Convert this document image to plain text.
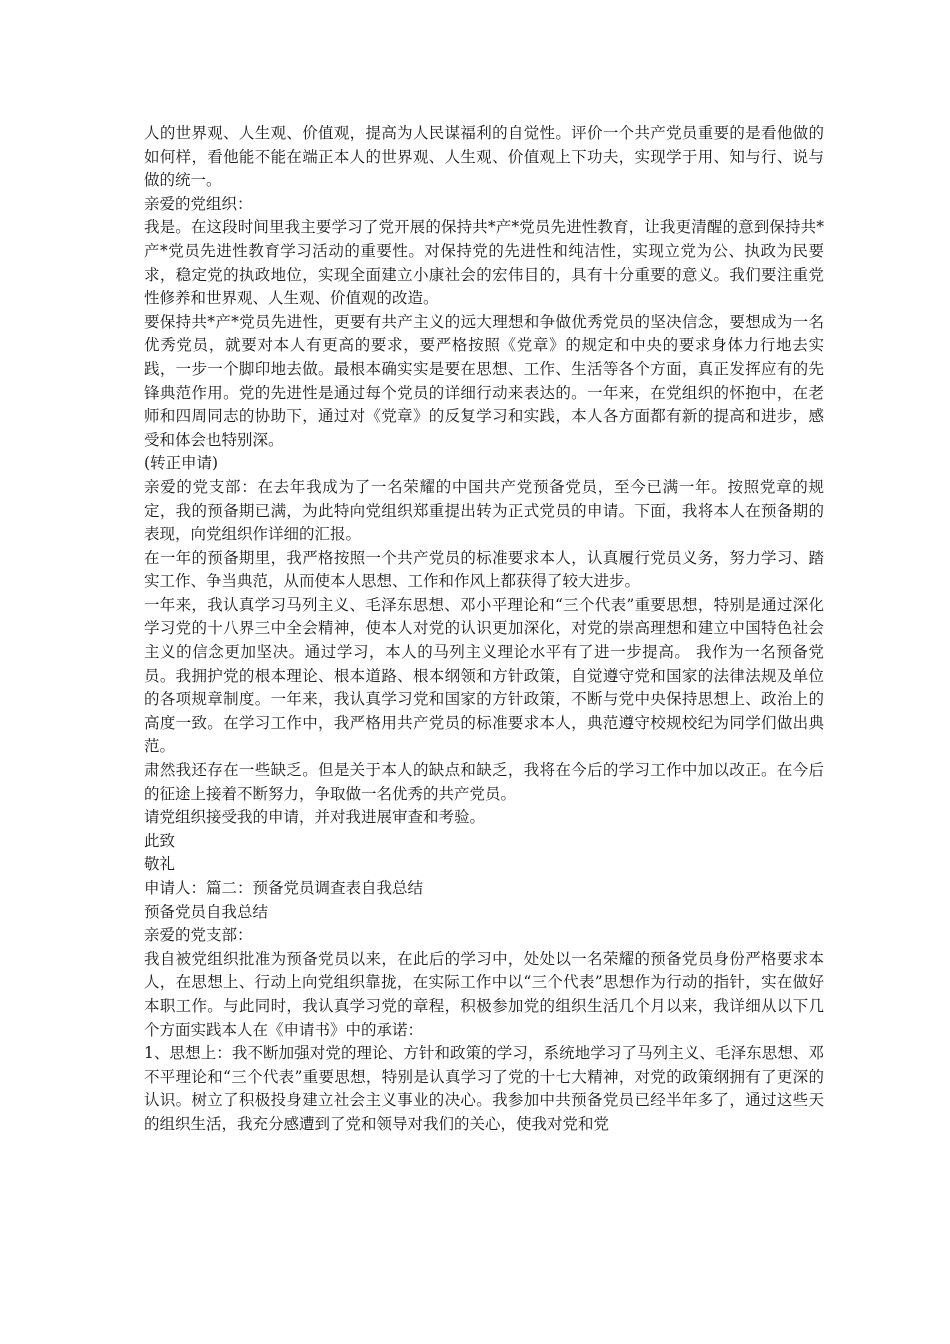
人的世界观、人生观、价值观，提高为人民谋福利的自觉性。评价一个共产党员重要的是看他做的如何样，看他能不能在端正本人的世界观、人生观、价值观上下功夫，实现学于用、知与行、说与做的统一。

亲爱的党组织：

我是。在这段时间里我主要学习了党开展的保持共*产*党员先进性教育，让我更清醒的意到保持共*产*党员先进性教育学习活动的重要性。对保持党的先进性和纯洁性，实现立党为公、执政为民要求，稳定党的执政地位，实现全面建立小康社会的宏伟目的，具有十分重要的意义。我们要注重党性修养和世界观、人生观、价值观的改造。

要保持共*产*党员先进性，更要有共产主义的远大理想和争做优秀党员的坚决信念，要想成为一名优秀党员，就要对本人有更高的要求，要严格按照《党章》的规定和中央的要求身体力行地去实践，一步一个脚印地去做。最根本确实实是要在思想、工作、生活等各个方面，真正发挥应有的先锋典范作用。党的先进性是通过每个党员的详细行动来表达的。一年来，在党组织的怀抱中，在老师和四周同志的协助下，通过对《党章》的反复学习和实践，本人各方面都有新的提高和进步，感受和体会也特别深。

(转正申请)

亲爱的党支部：在去年我成为了一名荣耀的中国共产党预备党员，至今已满一年。按照党章的规定，我的预备期已满，为此特向党组织郑重提出转为正式党员的申请。下面，我将本人在预备期的表现，向党组织作详细的汇报。

在一年的预备期里，我严格按照一个共产党员的标准要求本人，认真履行党员义务，努力学习、踏实工作、争当典范，从而使本人思想、工作和作风上都获得了较大进步。

一年来，我认真学习马列主义、毛泽东思想、邓小平理论和“三个代表”重要思想，特别是通过深化学习党的十八界三中全会精神，使本人对党的认识更加深化，对党的崇高理想和建立中国特色社会主义的信念更加坚决。通过学习，本人的马列主义理论水平有了进一步提高。 我作为一名预备党员。我拥护党的根本理论、根本道路、根本纲领和方针政策，自觉遵守党和国家的法律法规及单位的各项规章制度。一年来，我认真学习党和国家的方针政策，不断与党中央保持思想上、政治上的高度一致。在学习工作中，我严格用共产党员的标准要求本人，典范遵守校规校纪为同学们做出典范。

肃然我还存在一些缺乏。但是关于本人的缺点和缺乏，我将在今后的学习工作中加以改正。在今后的征途上接着不断努力，争取做一名优秀的共产党员。

请党组织接受我的申请，并对我进展审查和考验。

此致

敬礼

申请人：篇二：预备党员调查表自我总结

预备党员自我总结

亲爱的党支部：

我自被党组织批准为预备党员以来，在此后的学习中，处处以一名荣耀的预备党员身份严格要求本人，在思想上、行动上向党组织靠拢，在实际工作中以“三个代表”思想作为行动的指针，实在做好本职工作。与此同时，我认真学习党的章程，积极参加党的组织生活几个月以来，我详细从以下几个方面实践本人在《申请书》中的承诺：

1、思想上：我不断加强对党的理论、方针和政策的学习，系统地学习了马列主义、毛泽东思想、邓不平理论和“三个代表”重要思想，特别是认真学习了党的十七大精神，对党的政策纲拥有了更深的认识。树立了积极投身建立社会主义事业的决心。我参加中共预备党员已经半年多了，通过这些天的组织生活，我充分感遭到了党和领导对我们的关心，使我对党和党
